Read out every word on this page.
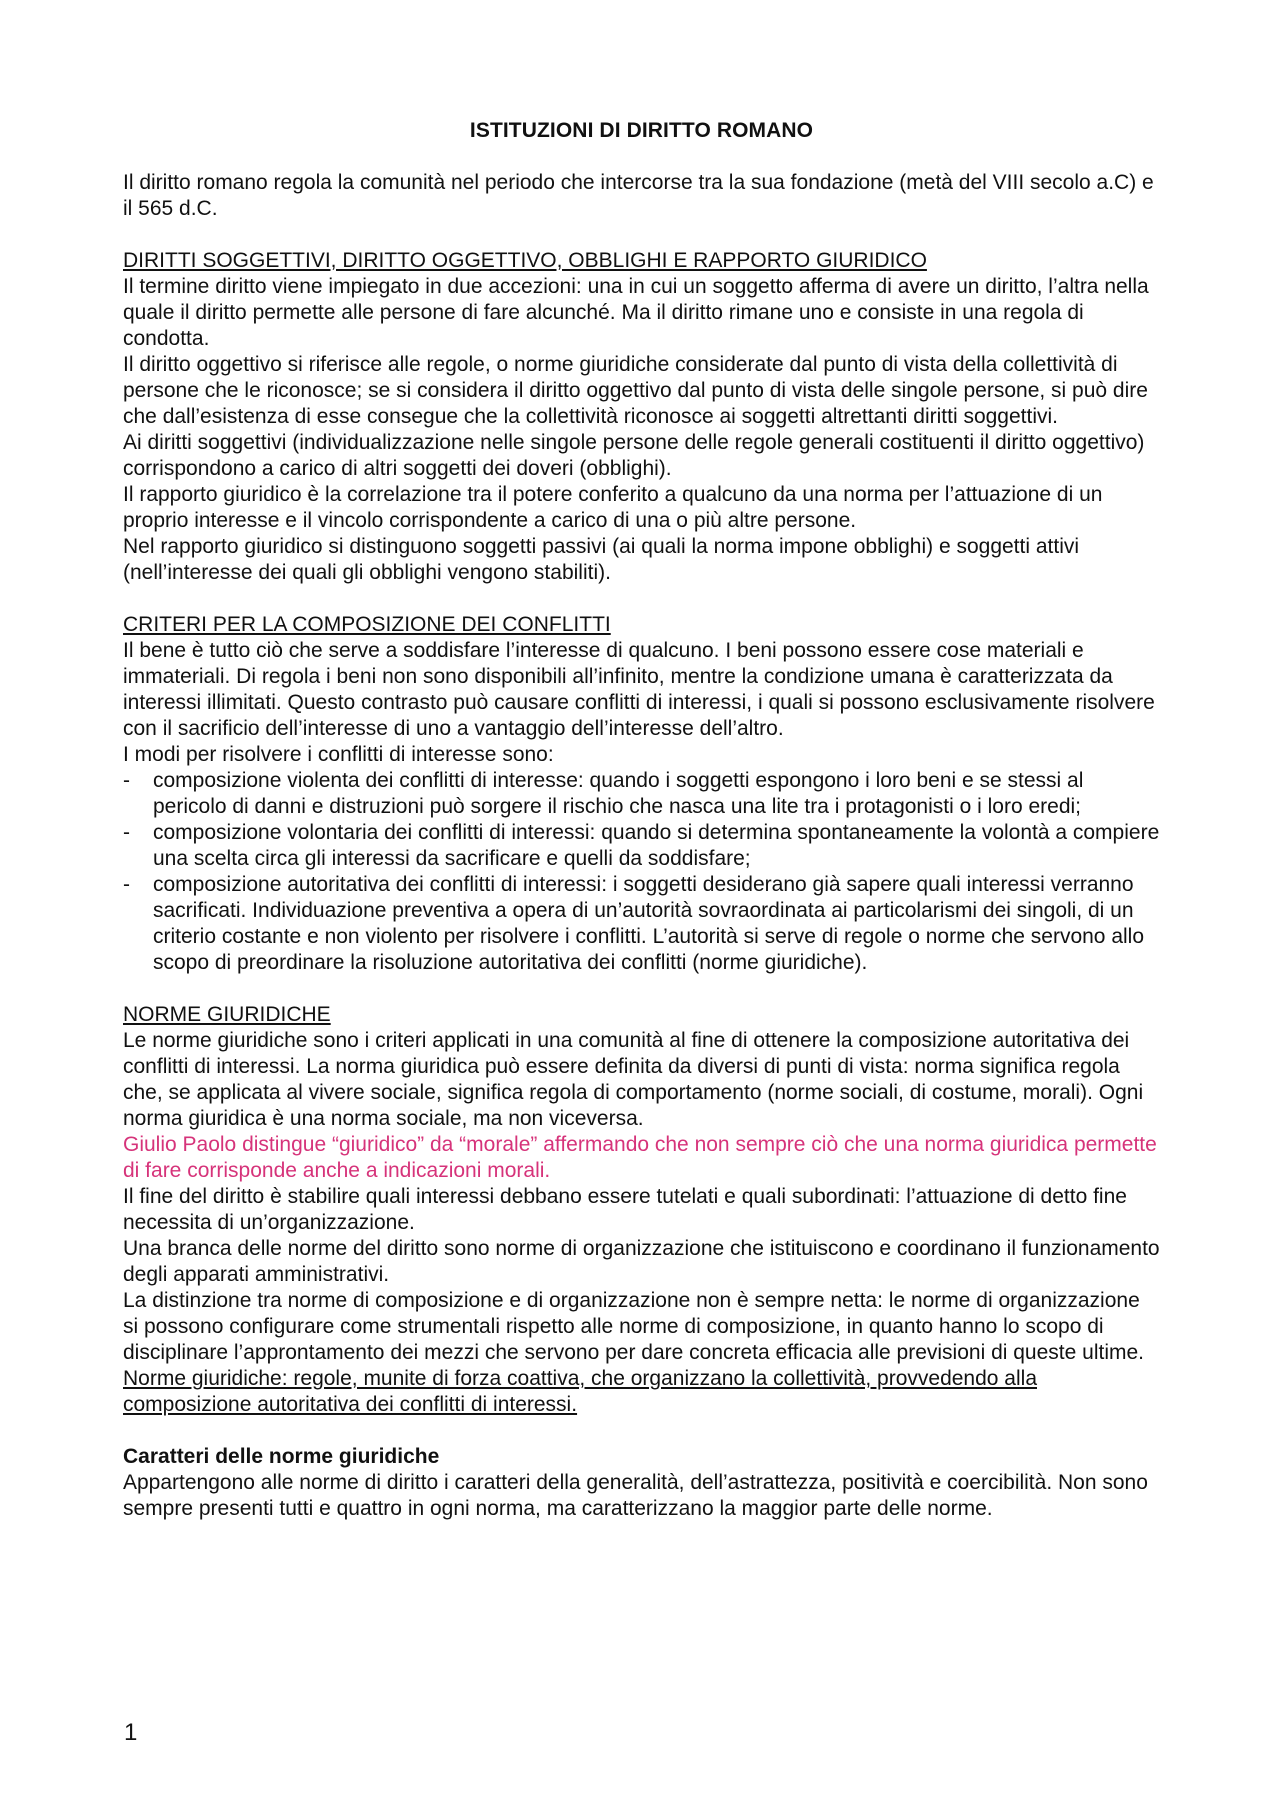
ISTITUZIONI DI DIRITTO ROMANO

Il diritto romano regola la comunità nel periodo che intercorse tra la sua fondazione (metà del VIII secolo a.C) e il 565 d.C.

DIRITTI SOGGETTIVI, DIRITTO OGGETTIVO, OBBLIGHI E RAPPORTO GIURIDICO

Il termine diritto viene impiegato in due accezioni: una in cui un soggetto afferma di avere un diritto, l’altra nella quale il diritto permette alle persone di fare alcunché. Ma il diritto rimane uno e consiste in una regola di condotta.

Il diritto oggettivo si riferisce alle regole, o norme giuridiche considerate dal punto di vista della collettività di persone che le riconosce; se si considera il diritto oggettivo dal punto di vista delle singole persone, si può dire che dall’esistenza di esse consegue che la collettività riconosce ai soggetti altrettanti diritti soggettivi.

Ai diritti soggettivi (individualizzazione nelle singole persone delle regole generali costituenti il diritto oggettivo) corrispondono a carico di altri soggetti dei doveri (obblighi).

Il rapporto giuridico è la correlazione tra il potere conferito a qualcuno da una norma per l’attuazione di un proprio interesse e il vincolo corrispondente a carico di una o più altre persone.

Nel rapporto giuridico si distinguono soggetti passivi (ai quali la norma impone obblighi) e soggetti attivi (nell’interesse dei quali gli obblighi vengono stabiliti).

CRITERI PER LA COMPOSIZIONE DEI CONFLITTI

Il bene è tutto ciò che serve a soddisfare l’interesse di qualcuno. I beni possono essere cose materiali e immateriali. Di regola i beni non sono disponibili all’infinito, mentre la condizione umana è caratterizzata da interessi illimitati. Questo contrasto può causare conflitti di interessi, i quali si possono esclusivamente risolvere con il sacrificio dell’interesse di uno a vantaggio dell’interesse dell’altro.

I modi per risolvere i conflitti di interesse sono:

- composizione violenta dei conflitti di interesse: quando i soggetti espongono i loro beni e se stessi al pericolo di danni e distruzioni può sorgere il rischio che nasca una lite tra i protagonisti o i loro eredi;
- composizione volontaria dei conflitti di interessi: quando si determina spontaneamente la volontà a compiere una scelta circa gli interessi da sacrificare e quelli da soddisfare;
- composizione autoritativa dei conflitti di interessi: i soggetti desiderano già sapere quali interessi verranno sacrificati. Individuazione preventiva a opera di un’autorità sovraordinata ai particolarismi dei singoli, di un criterio costante e non violento per risolvere i conflitti. L’autorità si serve di regole o norme che servono allo scopo di preordinare la risoluzione autoritativa dei conflitti (norme giuridiche).

NORME GIURIDICHE

Le norme giuridiche sono i criteri applicati in una comunità al fine di ottenere la composizione autoritativa dei conflitti di interessi. La norma giuridica può essere definita da diversi di punti di vista: norma significa regola che, se applicata al vivere sociale, significa regola di comportamento (norme sociali, di costume, morali). Ogni norma giuridica è una norma sociale, ma non viceversa.

Giulio Paolo distingue “giuridico” da “morale” affermando che non sempre ciò che una norma giuridica permette di fare corrisponde anche a indicazioni morali.

Il fine del diritto è stabilire quali interessi debbano essere tutelati e quali subordinati: l’attuazione di detto fine necessita di un’organizzazione.

Una branca delle norme del diritto sono norme di organizzazione che istituiscono e coordinano il funzionamento degli apparati amministrativi.

La distinzione tra norme di composizione e di organizzazione non è sempre netta: le norme di organizzazione si possono configurare come strumentali rispetto alle norme di composizione, in quanto hanno lo scopo di disciplinare l’approntamento dei mezzi che servono per dare concreta efficacia alle previsioni di queste ultime.

Norme giuridiche: regole, munite di forza coattiva, che organizzano la collettività, provvedendo alla composizione autoritativa dei conflitti di interessi.

Caratteri delle norme giuridiche

Appartengono alle norme di diritto i caratteri della generalità, dell’astrattezza, positività e coercibilità. Non sono sempre presenti tutti e quattro in ogni norma, ma caratterizzano la maggior parte delle norme.

1
